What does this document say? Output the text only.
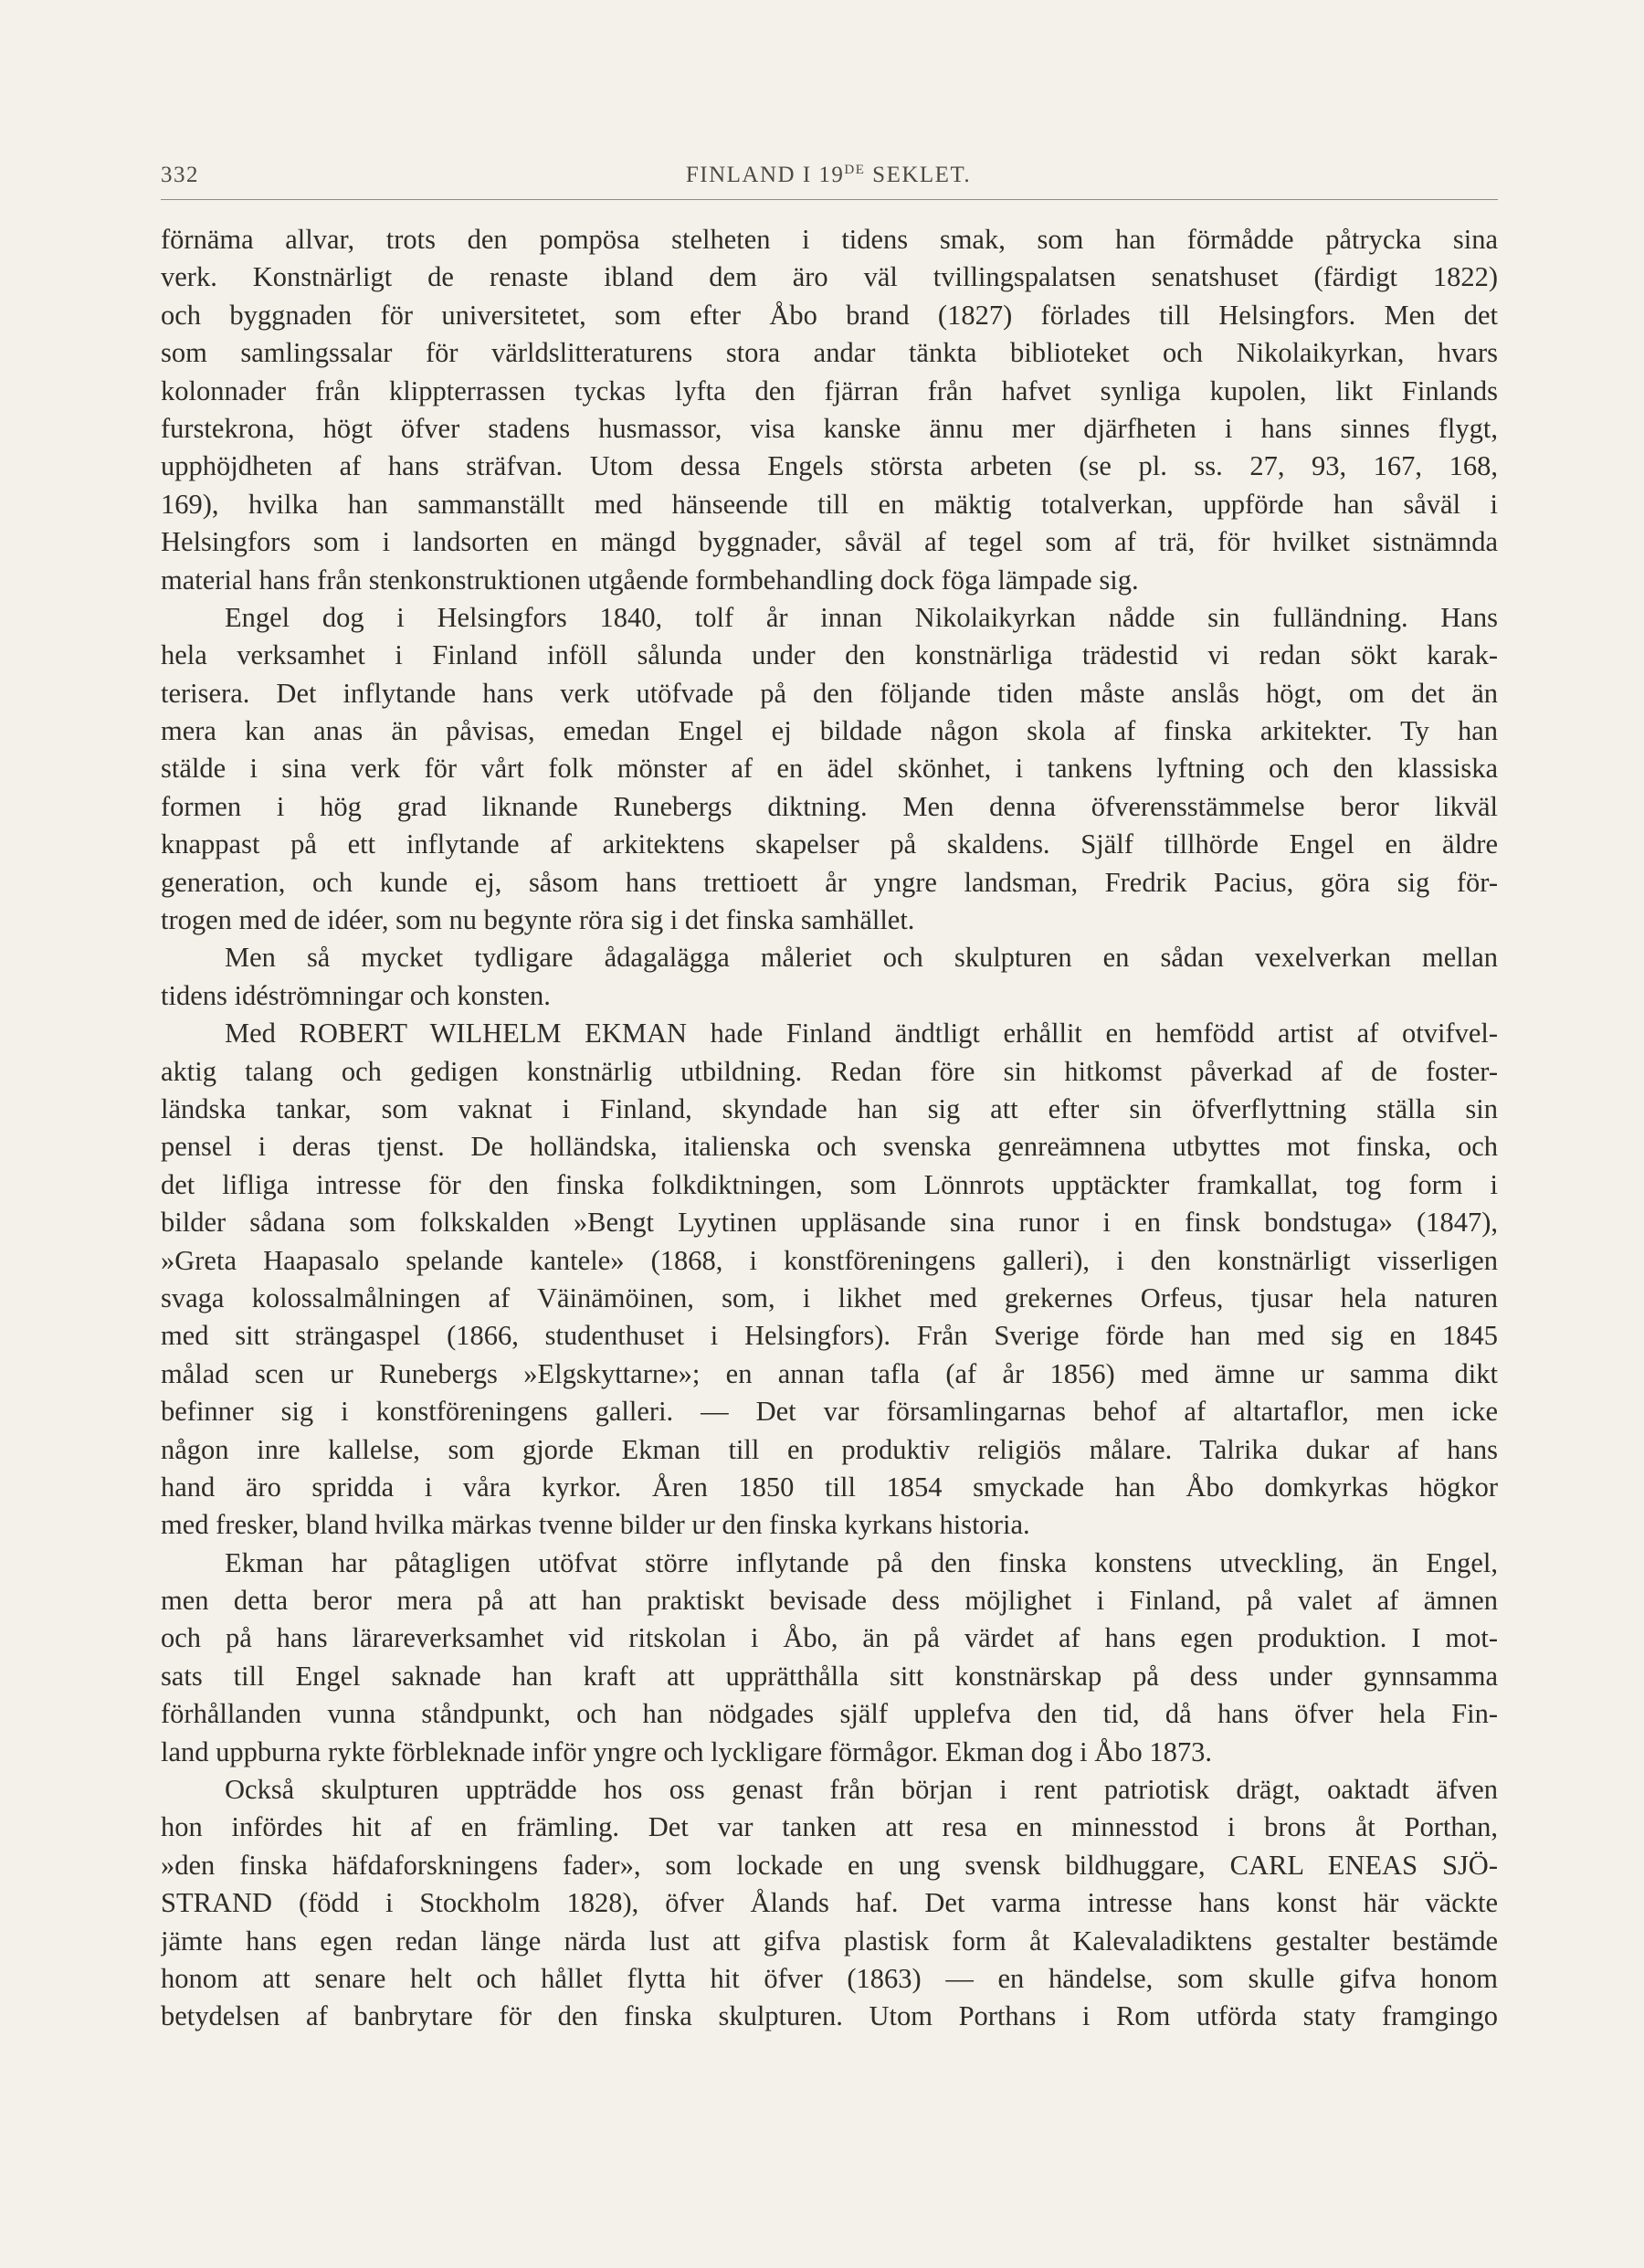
332	FINLAND I 19DE SEKLET.
förnäma allvar, trots den pompösa stelheten i tidens smak, som han förmådde påtrycka sina
verk. Konstnärligt de renaste ibland dem äro väl tvillingspalatsen senatshuset (färdigt 1822)
och byggnaden för universitetet, som efter Åbo brand (1827) förlades till Helsingfors. Men det
som samlingssalar för världslitteraturens stora andar tänkta biblioteket och Nikolaikyrkan, hvars
kolonnader från klippterrassen tyckas lyfta den fjärran från hafvet synliga kupolen, likt Finlands
furstekrona, högt öfver stadens husmassor, visa kanske ännu mer djärfheten i hans sinnes flygt,
upphöjdheten af hans sträfvan. Utom dessa Engels största arbeten (se pl. ss. 27, 93, 167, 168,
169), hvilka han sammanställt med hänseende till en mäktig totalverkan, uppförde han såväl i
Helsingfors som i landsorten en mängd byggnader, såväl af tegel som af trä, för hvilket sistnämnda
material hans från stenkonstruktionen utgående formbehandling dock föga lämpade sig.
Engel dog i Helsingfors 1840, tolf år innan Nikolaikyrkan nådde sin fulländning. Hans
hela verksamhet i Finland inföll sålunda under den konstnärliga trädestid vi redan sökt karak-
terisera. Det inflytande hans verk utöfvade på den följande tiden måste anslås högt, om det än
mera kan anas än påvisas, emedan Engel ej bildade någon skola af finska arkitekter. Ty han
stälde i sina verk för vårt folk mönster af en ädel skönhet, i tankens lyftning och den klassiska
formen i hög grad liknande Runebergs diktning. Men denna öfverensstämmelse beror likväl
knappast på ett inflytande af arkitektens skapelser på skaldens. Själf tillhörde Engel en äldre
generation, och kunde ej, såsom hans trettioett år yngre landsman, Fredrik Pacius, göra sig för-
trogen med de idéer, som nu begynte röra sig i det finska samhället.
Men så mycket tydligare ådagalägga måleriet och skulpturen en sådan vexelverkan mellan
tidens idéströmningar och konsten.
Med ROBERT WILHELM EKMAN hade Finland ändtligt erhållit en hemfödd artist af otvifvel-
aktig talang och gedigen konstnärlig utbildning. Redan före sin hitkomst påverkad af de foster-
ländska tankar, som vaknat i Finland, skyndade han sig att efter sin öfverflyttning ställa sin
pensel i deras tjenst. De holländska, italienska och svenska genreämnena utbyttes mot finska, och
det lifliga intresse för den finska folkdiktningen, som Lönnrots upptäckter framkallat, tog form i
bilder sådana som folkskalden »Bengt Lyytinen uppläsande sina runor i en finsk bondstuga» (1847),
»Greta Haapasalo spelande kantele» (1868, i konstföreningens galleri), i den konstnärligt visserligen
svaga kolossalmålningen af Väinämöinen, som, i likhet med grekernes Orfeus, tjusar hela naturen
med sitt strängaspel (1866, studenthuset i Helsingfors). Från Sverige förde han med sig en 1845
målad scen ur Runebergs »Elgskyttarne»; en annan tafla (af år 1856) med ämne ur samma dikt
befinner sig i konstföreningens galleri. — Det var församlingarnas behof af altartaflor, men icke
någon inre kallelse, som gjorde Ekman till en produktiv religiös målare. Talrika dukar af hans
hand äro spridda i våra kyrkor. Åren 1850 till 1854 smyckade han Åbo domkyrkas högkor
med fresker, bland hvilka märkas tvenne bilder ur den finska kyrkans historia.
Ekman har påtagligen utöfvat större inflytande på den finska konstens utveckling, än Engel,
men detta beror mera på att han praktiskt bevisade dess möjlighet i Finland, på valet af ämnen
och på hans lärareverksamhet vid ritskolan i Åbo, än på värdet af hans egen produktion. I mot-
sats till Engel saknade han kraft att upprätthålla sitt konstnärskap på dess under gynnsamma
förhållanden vunna ståndpunkt, och han nödgades själf upplefva den tid, då hans öfver hela Fin-
land uppburna rykte förbleknade inför yngre och lyckligare förmågor. Ekman dog i Åbo 1873.
Också skulpturen uppträdde hos oss genast från början i rent patriotisk drägt, oaktadt äfven
hon infördes hit af en främling. Det var tanken att resa en minnesstod i brons åt Porthan,
»den finska häfdaforskningens fader», som lockade en ung svensk bildhuggare, CARL ENEAS SJÖ-
STRAND (född i Stockholm 1828), öfver Ålands haf. Det varma intresse hans konst här väckte
jämte hans egen redan länge närda lust att gifva plastisk form åt Kalevaladiktens gestalter bestämde
honom att senare helt och hållet flytta hit öfver (1863) — en händelse, som skulle gifva honom
betydelsen af banbrytare för den finska skulpturen. Utom Porthans i Rom utförda staty framgingo
